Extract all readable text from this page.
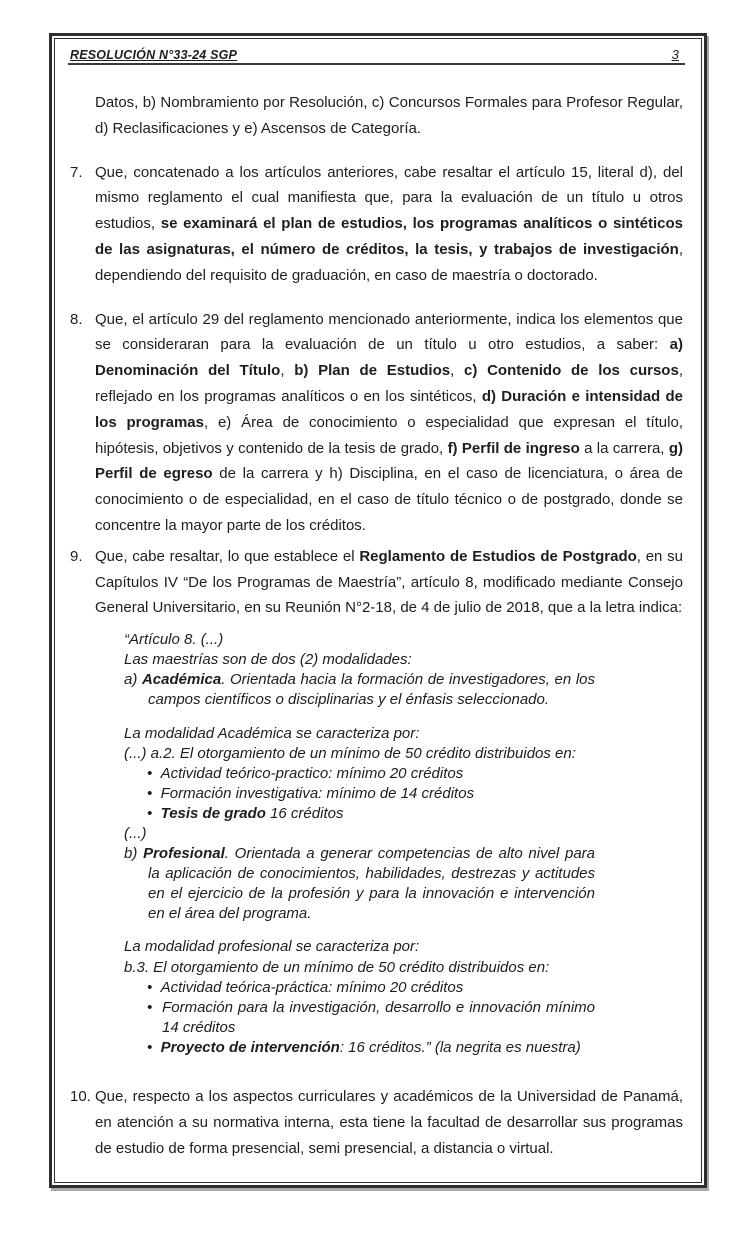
RESOLUCIÓN N°33-24 SGP	3

Datos, b) Nombramiento por Resolución, c) Concursos Formales para Profesor Regular, d) Reclasificaciones y e) Ascensos de Categoría.

7. Que, concatenado a los artículos anteriores, cabe resaltar el artículo 15, literal d), del mismo reglamento el cual manifiesta que, para la evaluación de un título u otros estudios, se examinará el plan de estudios, los programas analíticos o sintéticos de las asignaturas, el número de créditos, la tesis, y trabajos de investigación, dependiendo del requisito de graduación, en caso de maestría o doctorado.
8. Que, el artículo 29 del reglamento mencionado anteriormente, indica los elementos que se consideraran para la evaluación de un título u otro estudios, a saber: a) Denominación del Título, b) Plan de Estudios, c) Contenido de los cursos, reflejado en los programas analíticos o en los sintéticos, d) Duración e intensidad de los programas, e) Área de conocimiento o especialidad que expresan el título, hipótesis, objetivos y contenido de la tesis de grado, f) Perfil de ingreso a la carrera, g) Perfil de egreso de la carrera y h) Disciplina, en el caso de licenciatura, o área de conocimiento o de especialidad, en el caso de título técnico o de postgrado, donde se concentre la mayor parte de los créditos.
9. Que, cabe resaltar, lo que establece el Reglamento de Estudios de Postgrado, en su Capítulos IV “De los Programas de Maestría”, artículo 8, modificado mediante Consejo General Universitario, en su Reunión N°2-18, de 4 de julio de 2018, que a la letra indica:
“Artículo 8. (...)
Las maestrías son de dos (2) modalidades:
a) Académica. Orientada hacia la formación de investigadores, en los campos científicos o disciplinarias y el énfasis seleccionado.
La modalidad Académica se caracteriza por:
(...) a.2. El otorgamiento de un mínimo de 50 crédito distribuidos en:
•  Actividad teórico-practico: mínimo 20 créditos
•  Formación investigativa: mínimo de 14 créditos
•  Tesis de grado 16 créditos
(...)
b) Profesional. Orientada a generar competencias de alto nivel para la aplicación de conocimientos, habilidades, destrezas y actitudes en el ejercicio de la profesión y para la innovación e intervención en el área del programa.
La modalidad profesional se caracteriza por:
b.3. El otorgamiento de un mínimo de 50 crédito distribuidos en:
•  Actividad teórica-práctica: mínimo 20 créditos
•  Formación para la investigación, desarrollo e innovación mínimo 14 créditos
•  Proyecto de intervención: 16 créditos.” (la negrita es nuestra)
10. Que, respecto a los aspectos curriculares y académicos de la Universidad de Panamá, en atención a su normativa interna, esta tiene la facultad de desarrollar sus programas de estudio de forma presencial, semi presencial, a distancia o virtual.
